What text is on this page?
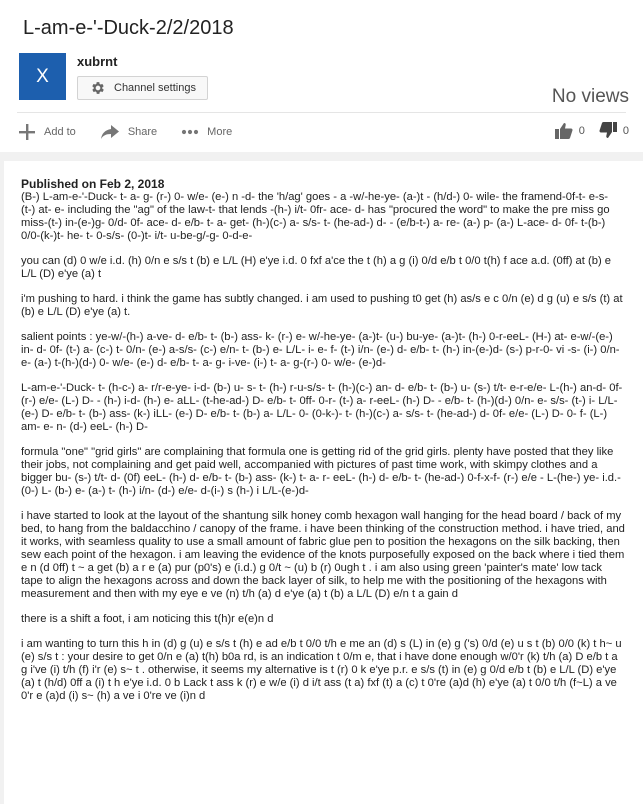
L-am-e-'-Duck-2/2/2018
X
xubrnt
Channel settings	No views
Add to	Share	More	0	0
Published on Feb 2, 2018

(B-) L-am-e-'-Duck- t- a- g- (r-) 0- w/e- (e-) n -d- the 'h/ag' goes - a -w/-he-ye- (a-)t - (h/d-) 0- wile- the framend-0f-t- e-s- (t-) at- e- including the "ag" of the law-t- that lends -(h-) i/t- 0fr- ace- d- has "procured the word" to make the pre miss go miss-(t-) in-(e-)g- 0/d- 0f- ace- d- e/b- t- a- get- (h-)(c-) a- s/s- t- (he-ad-) d- - (e/b-t-) a- re- (a-) p- (a-) L-ace- d- 0f- t-(b-) 0/0-(k-)t- he- t- 0-s/s- (0-)t- i/t- u-be-g/-g- 0-d-e-

you can (d) 0 w/e i.d. (h) 0/n e s/s t (b) e L/L (H) e'ye i.d. 0 fxf a'ce the t (h) a g (i) 0/d e/b t 0/0 t(h) f ace a.d. (0ff) at (b) e L/L (D) e'ye (a) t

i'm pushing to hard. i think the game has subtly changed. i am used to pushing t0 get (h) as/s e c 0/n (e) d g (u) e s/s (t) at (b) e L/L (D) e'ye (a) t.

salient points : ye-w/-(h-) a-ve- d- e/b- t- (b-) ass- k- (r-) e- w/-he-ye- (a-)t- (u-) bu-ye- (a-)t- (h-) 0-r-eeL- (H-) at- e-w/-(e-) in- d- 0f- (t-) a- (c-) t- 0/n- (e-) a-s/s- (c-) e/n- t- (b-) e- L/L- i- e- f- (t-) i/n- (e-) d- e/b- t- (h-) in-(e-)d- (s-) p-r-0- vi -s- (i-) 0/n- e- (a-) t-(h-)(d-) 0- w/e- (e-) d- e/b- t- a- g- i-ve- (i-) t- a- g-(r-) 0- w/e- (e-)d-

L-am-e-'-Duck- t- (h-c-) a- r/r-e-ye- i-d- (b-) u- s- t- (h-) r-u-s/s- t- (h-)(c-) an- d- e/b- t- (b-) u- (s-) t/t- e-r-e/e- L-(h-) an-d- 0f- (r-) e/e- (L-) D- - (h-) i-d- (h-) e- aLL- (t-he-ad-) D- e/b- t- 0ff- 0-r- (t-) a- r-eeL- (h-) D- - e/b- t- (h-)(d-) 0/n- e- s/s- (t-) i- L/L- (e-) D- e/b- t- (b-) ass- (k-) iLL- (e-) D- e/b- t- (b-) a- L/L- 0- (0-k-)- t- (h-)(c-) a- s/s- t- (he-ad-) d- 0f- e/e- (L-) D- 0- f- (L-) am- e- n- (d-) eeL- (h-) D-

formula "one" "grid girls" are complaining that formula one is getting rid of the grid girls. plenty have posted that they like their jobs, not complaining and get paid well, accompanied with pictures of past time work, with skimpy clothes and a bigger bu- (s-) t/t- d- (0f) eeL- (h-) d- e/b- t- (b-) ass- (k-) t- a- r- eeL- (h-) d- e/b- t- (he-ad-) 0-f-x-f- (r-) e/e - L-(he-) ye- i.d.- (0-) L- (b-) e- (a-) t- (h-) i/n- (d-) e/e- d-(i-) s (h-) i L/L-(e-)d-

i have started to look at the layout of the shantung silk honey comb hexagon wall hanging for the head board / back of my bed, to hang from the baldacchino / canopy of the frame. i have been thinking of the construction method. i have tried, and it works, with seamless quality to use a small amount of fabric glue pen to position the hexagons on the silk backing, then sew each point of the hexagon. i am leaving the evidence of the knots purposefully exposed on the back where i tied them e n (d 0ff) t ~ a get (b) a r e (a) pur (p0's) e (i.d.) g 0/t ~ (u) b (r) 0ugh t . i am also using green 'painter's mate' low tack tape to align the hexagons across and down the back layer of silk, to help me with the positioning of the hexagons with measurement and then with my eye e ve (n) t/h (a) d e'ye (a) t (b) a L/L (D) e/n t a gain d

there is a shift a foot, i am noticing this t(h)r e(e)n d

i am wanting to turn this h in (d) g (u) e s/s t (h) e ad e/b t 0/0 t/h e me an (d) s (L) in (e) g ('s) 0/d (e) u s t (b) 0/0 (k) t h~ u (e) s/s t : your desire to get 0/n e (a) t(h) b0a rd, is an indication t 0/m e, that i have done enough w/0'r (k) t/h (a) D e/b t a g i've (i) t/h (f) i'r (e) s~ t . otherwise, it seems my alternative is t (r) 0 k e'ye p.r. e s/s (t) in (e) g 0/d e/b t (b) e L/L (D) e'ye (a) t (h/d) 0ff a (i) t h e'ye i.d. 0 b Lack t ass k (r) e w/e (i) d i/t ass (t a) fxf (t) a (c) t 0're (a)d (h) e'ye (a) t 0/0 t/h (f~L) a ve 0'r e (a)d (i) s~ (h) a ve i 0're ve (i)n d
